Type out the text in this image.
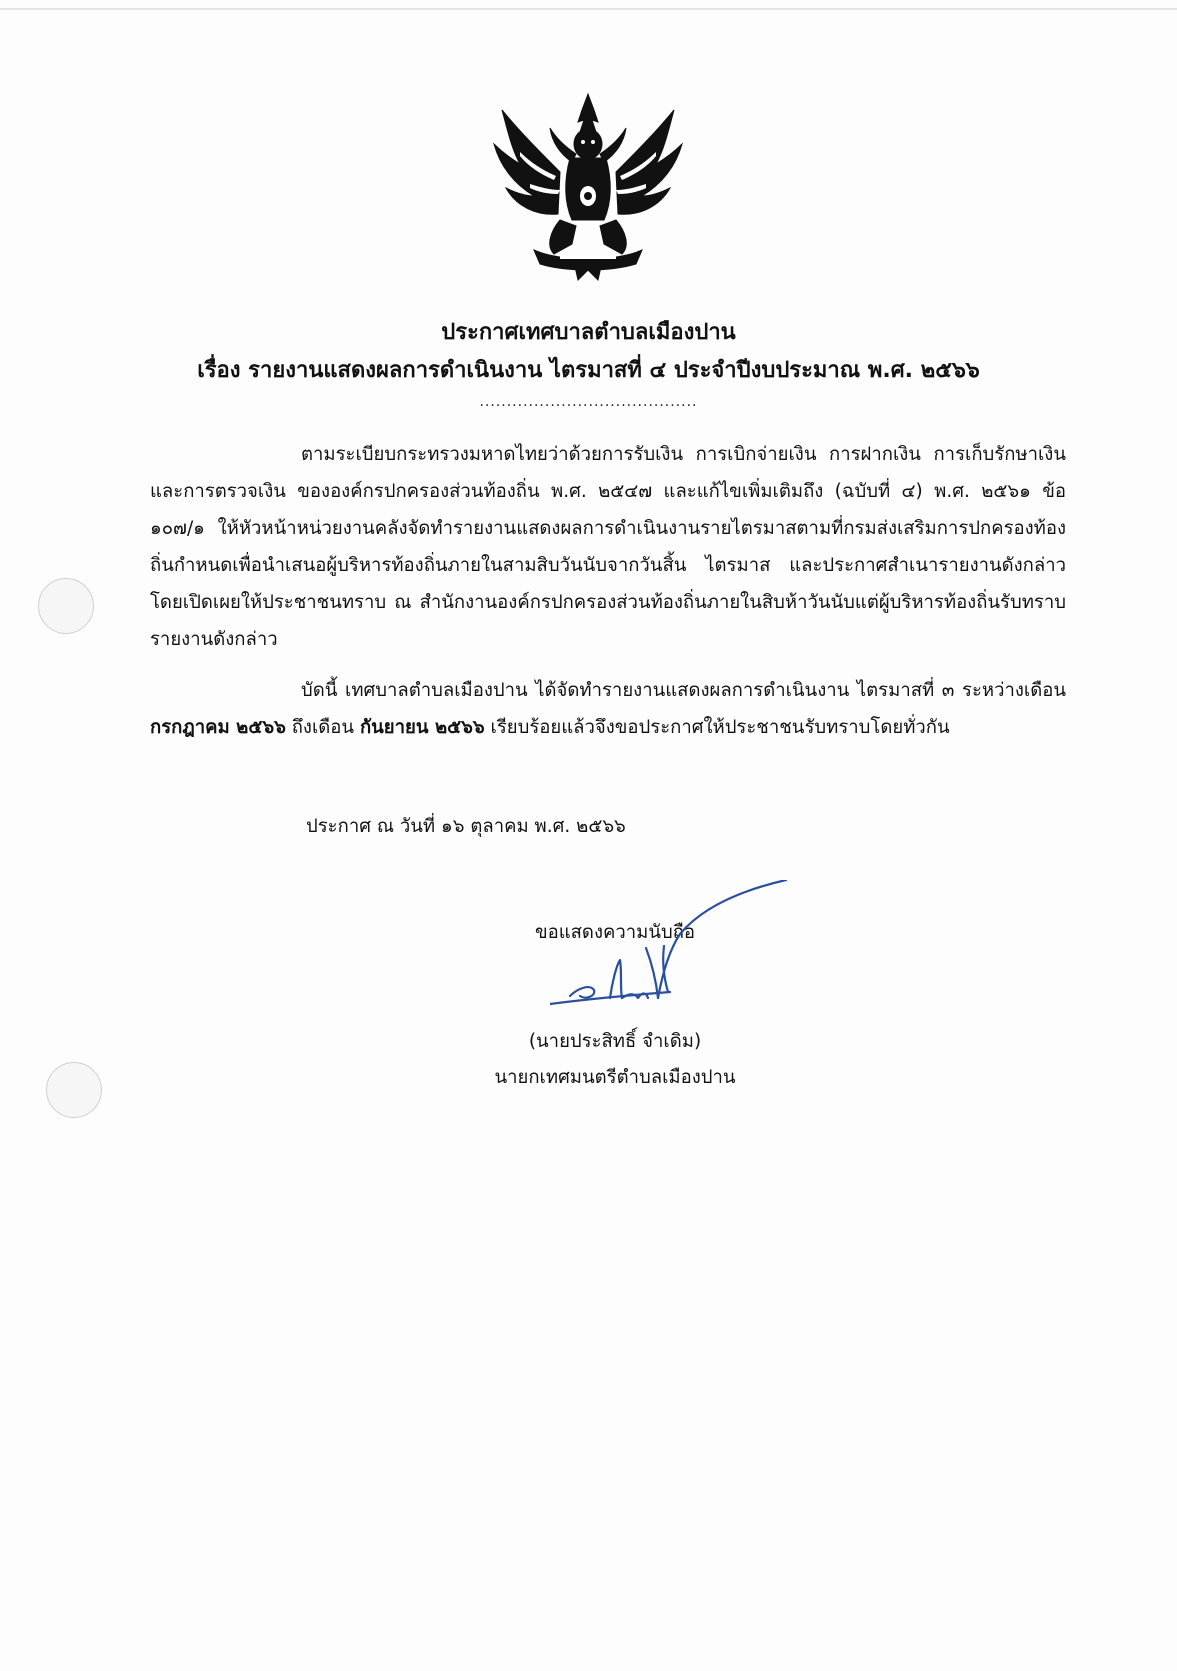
ประกาศเทศบาลตำบลเมืองปาน
เรื่อง รายงานแสดงผลการดำเนินงาน ไตรมาสที่ ๔ ประจำปีงบประมาณ พ.ศ. ๒๕๖๖
........................................
ตามระเบียบกระทรวงมหาดไทยว่าด้วยการรับเงิน การเบิกจ่ายเงิน การฝากเงิน การเก็บรักษาเงินและการตรวจเงิน ขององค์กรปกครองส่วนท้องถิ่น พ.ศ. ๒๕๔๗ และแก้ไขเพิ่มเติมถึง (ฉบับที่ ๔) พ.ศ. ๒๕๖๑ ข้อ ๑๐๗/๑ ให้หัวหน้าหน่วยงานคลังจัดทำรายงานแสดงผลการดำเนินงานรายไตรมาสตามที่กรมส่งเสริมการปกครองท้องถิ่นกำหนดเพื่อนำเสนอผู้บริหารท้องถิ่นภายในสามสิบวันนับจากวันสิ้น ไตรมาส และประกาศสำเนารายงานดังกล่าวโดยเปิดเผยให้ประชาชนทราบ ณ สำนักงานองค์กรปกครองส่วนท้องถิ่นภายในสิบห้าวันนับแต่ผู้บริหารท้องถิ่นรับทราบรายงานดังกล่าว
บัดนี้ เทศบาลตำบลเมืองปาน ได้จัดทำรายงานแสดงผลการดำเนินงาน ไตรมาสที่ ๓ ระหว่างเดือน กรกฎาคม ๒๕๖๖ ถึงเดือน กันยายน ๒๕๖๖ เรียบร้อยแล้วจึงขอประกาศให้ประชาชนรับทราบโดยทั่วกัน
ประกาศ ณ วันที่ ๑๖ ตุลาคม พ.ศ. ๒๕๖๖
ขอแสดงความนับถือ
(นายประสิทธิ์ จำเดิม)
นายกเทศมนตรีตำบลเมืองปาน
